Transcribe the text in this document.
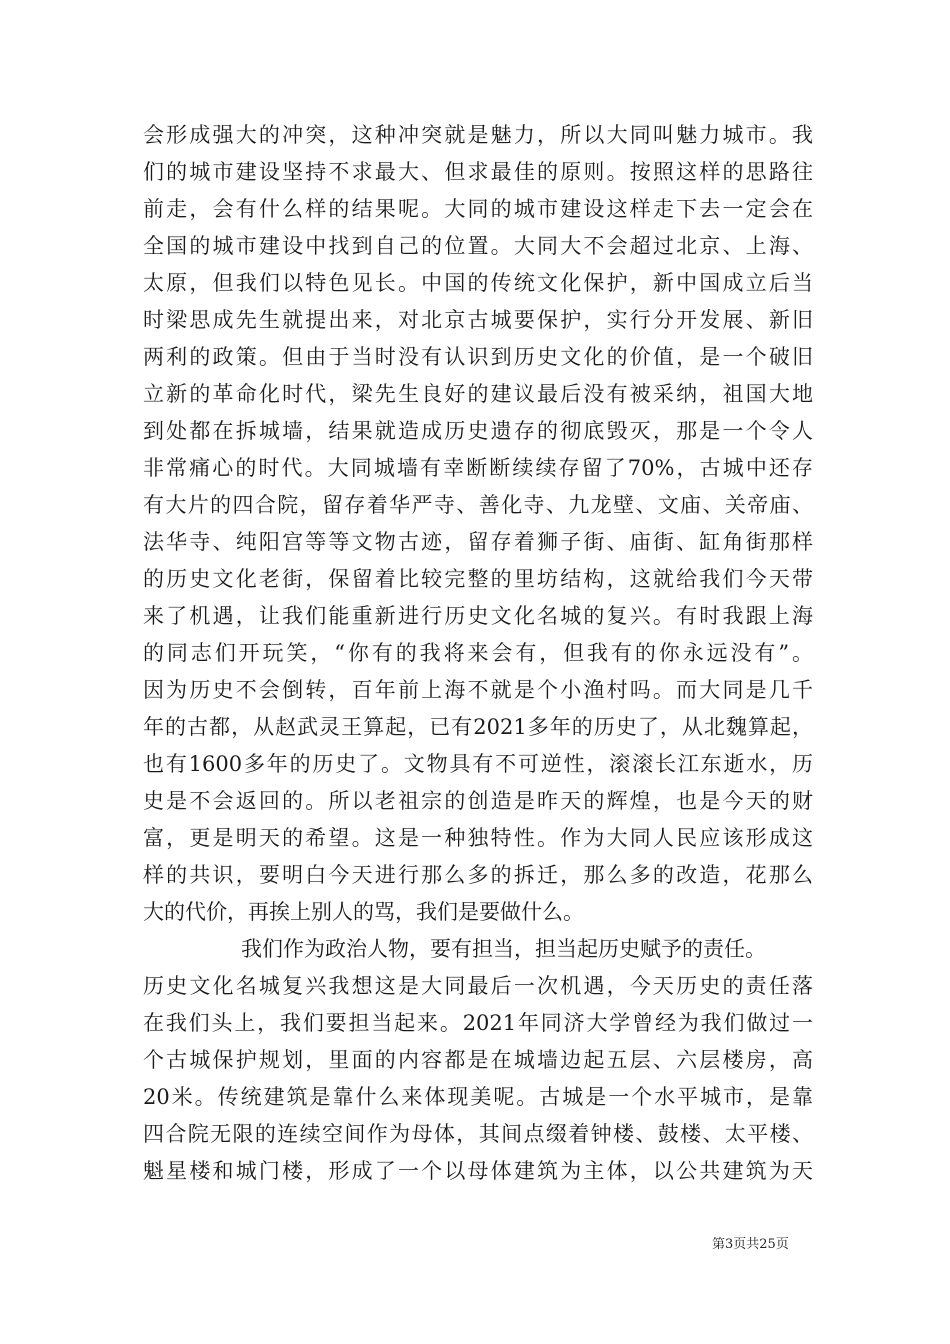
会形成强大的冲突，这种冲突就是魅力，所以大同叫魅力城市。我
们的城市建设坚持不求最大、但求最佳的原则。按照这样的思路往
前走，会有什么样的结果呢。大同的城市建设这样走下去一定会在
全国的城市建设中找到自己的位置。大同大不会超过北京、上海、
太原，但我们以特色见长。中国的传统文化保护，新中国成立后当
时梁思成先生就提出来，对北京古城要保护，实行分开发展、新旧
两利的政策。但由于当时没有认识到历史文化的价值，是一个破旧
立新的革命化时代，梁先生良好的建议最后没有被采纳，祖国大地
到处都在拆城墙，结果就造成历史遗存的彻底毁灭，那是一个令人
非常痛心的时代。大同城墙有幸断断续续存留了70%，古城中还存
有大片的四合院，留存着华严寺、善化寺、九龙壁、文庙、关帝庙、
法华寺、纯阳宫等等文物古迹，留存着狮子街、庙街、缸角街那样
的历史文化老街，保留着比较完整的里坊结构，这就给我们今天带
来了机遇，让我们能重新进行历史文化名城的复兴。有时我跟上海
的同志们开玩笑，“你有的我将来会有，但我有的你永远没有”。
因为历史不会倒转，百年前上海不就是个小渔村吗。而大同是几千
年的古都，从赵武灵王算起，已有2021多年的历史了，从北魏算起，
也有1600多年的历史了。文物具有不可逆性，滚滚长江东逝水，历
史是不会返回的。所以老祖宗的创造是昨天的辉煌，也是今天的财
富，更是明天的希望。这是一种独特性。作为大同人民应该形成这
样的共识，要明白今天进行那么多的拆迁，那么多的改造，花那么
大的代价，再挨上别人的骂，我们是要做什么。
我们作为政治人物，要有担当，担当起历史赋予的责任。
历史文化名城复兴我想这是大同最后一次机遇，今天历史的责任落
在我们头上，我们要担当起来。2021年同济大学曾经为我们做过一
个古城保护规划，里面的内容都是在城墙边起五层、六层楼房，高
20米。传统建筑是靠什么来体现美呢。古城是一个水平城市，是靠
四合院无限的连续空间作为母体，其间点缀着钟楼、鼓楼、太平楼、
魁星楼和城门楼，形成了一个以母体建筑为主体，以公共建筑为天
第3页共25页
